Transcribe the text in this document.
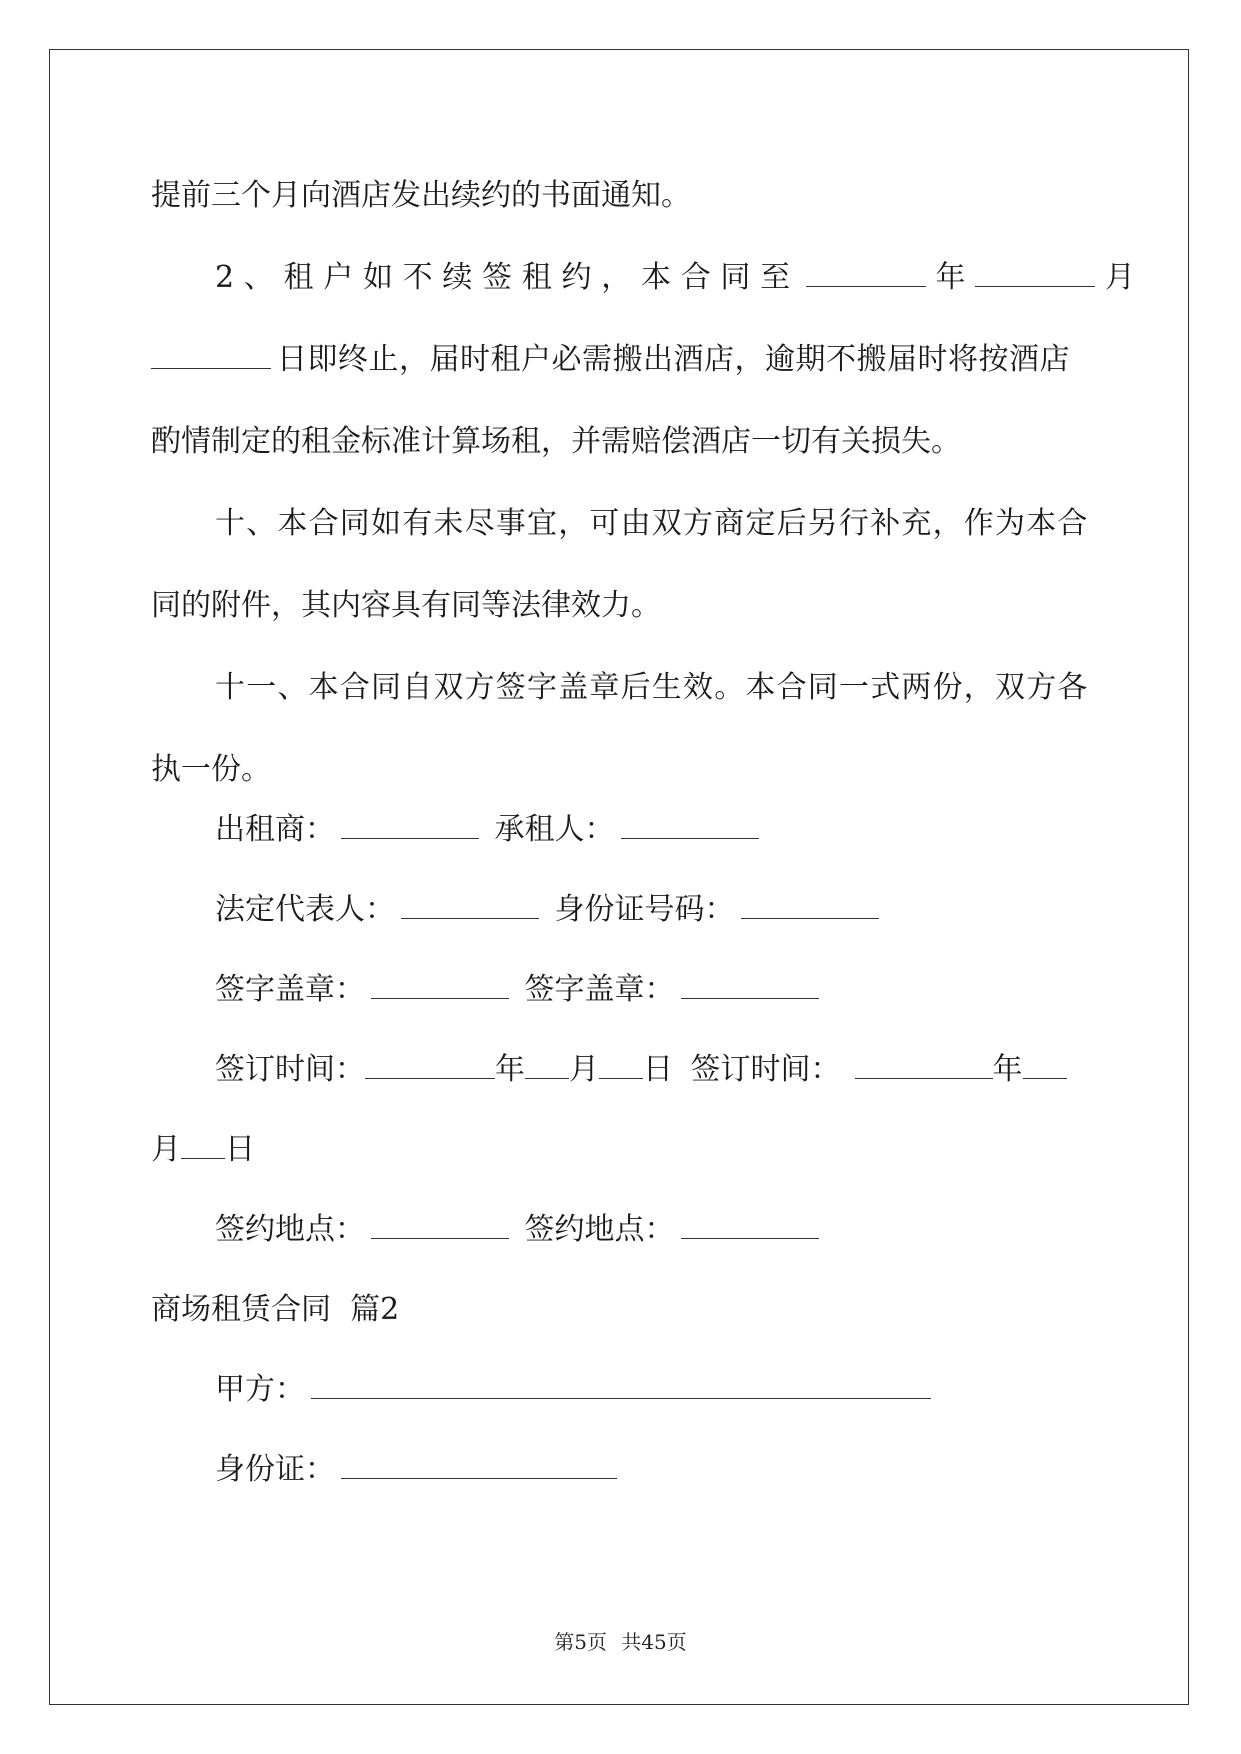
提前三个月向酒店发出续约的书面通知。
2、租户如不续签租约，本合同至	年	月
日即终止，届时租户必需搬出酒店，逾期不搬届时将按酒店
酌情制定的租金标准计算场租，并需赔偿酒店一切有关损失。
十、本合同如有未尽事宜，可由双方商定后另行补充，作为本合
同的附件，其内容具有同等法律效力。
十一、本合同自双方签字盖章后生效。本合同一式两份，双方各
执一份。
出租商：	承租人：
法定代表人：	身份证号码：
签字盖章：	签字盖章：
签订时间：	年 月 日 签订时间：	年
月 日
签约地点：	签约地点：
商场租赁合同  篇2
甲方：
身份证：
第5页 共45页
